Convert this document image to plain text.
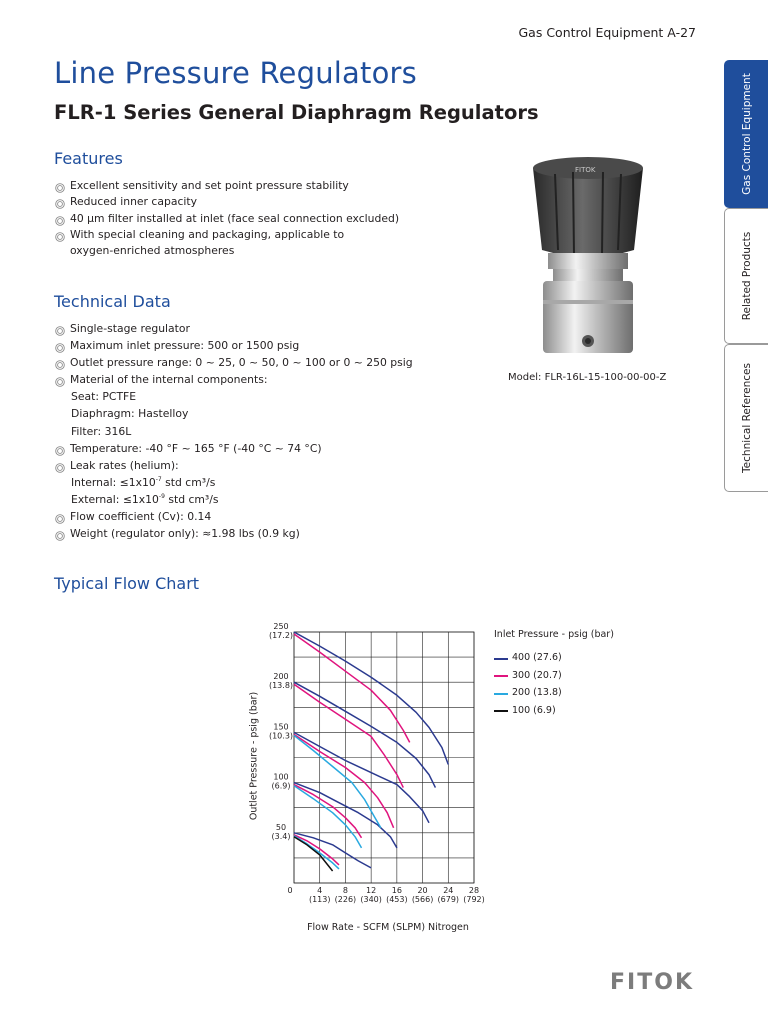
Gas Control Equipment A-27
Line Pressure Regulators
FLR-1 Series General Diaphragm Regulators
Features
Excellent sensitivity and set point pressure stability
Reduced inner capacity
40 μm filter installed at inlet (face seal connection excluded)
With special cleaning and packaging, applicable to
oxygen-enriched atmospheres
Technical Data
Single-stage regulator
Maximum inlet pressure: 500 or 1500 psig
Outlet pressure range: 0 ~ 25, 0 ~ 50, 0 ~ 100 or 0 ~ 250 psig
Material of the internal components:
Seat: PCTFE
Diaphragm: Hastelloy
Filter: 316L
Temperature: -40 °F ~ 165 °F (-40 °C ~ 74 °C)
Leak rates (helium):
Internal: $\le 1x10^{-7}$ std cm³/s
External: $\le 1x10^{-9}$ std cm³/s
Flow coefficient (Cv): 0.14
Weight (regulator only): ≈1.98 lbs (0.9 kg)
FITOK
Model: FLR-16L-15-100-00-00-Z
Gas Control Equipment
Related Products
Technical References
Typical Flow Chart
50
(3.4)
100
(6.9)
150
(10.3)
200
(13.8)
250
(17.2)
0	4
(113)
8
(226)
12
(340)
16
(453)
20
(566)
24
(679)
28
(792)
Outlet Pressure - psig (bar)
Flow Rate - SCFM (SLPM) Nitrogen
Inlet Pressure - psig (bar)
400 (27.6)
300 (20.7)
200 (13.8)
100 (6.9)
FITOK
